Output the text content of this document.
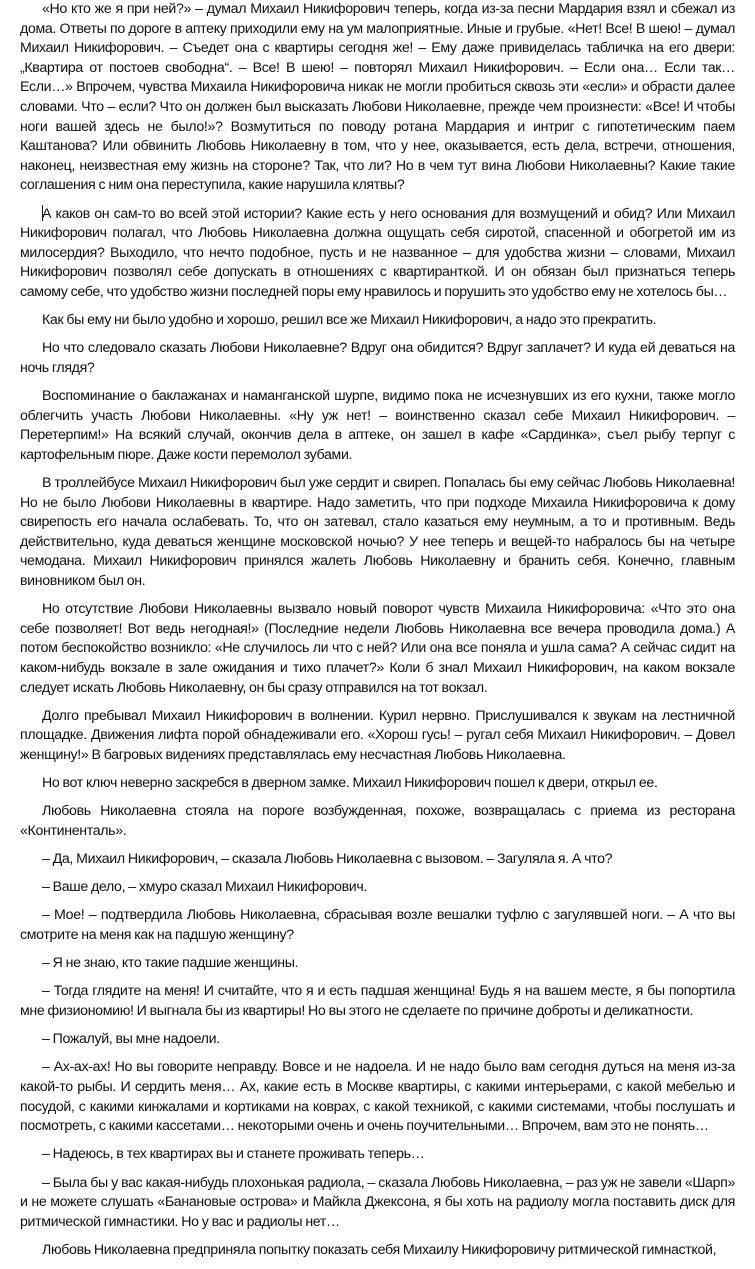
«Но кто же я при ней?» – думал Михаил Никифорович теперь, когда из-за песни Мардария взял и сбежал из дома. Ответы по дороге в аптеку приходили ему на ум малоприятные. Иные и грубые. «Нет! Все! В шею! – думал Михаил Никифорович. – Съедет она с квартиры сегодня же! – Ему даже привиделась табличка на его двери: „Квартира от постоев свободна“. – Все! В шею! – повторял Михаил Никифорович. – Если она… Если так… Если…» Впрочем, чувства Михаила Никифоровича никак не могли пробиться сквозь эти «если» и обрасти далее словами. Что – если? Что он должен был высказать Любови Николаевне, прежде чем произнести: «Все! И чтобы ноги вашей здесь не было!»? Возмутиться по поводу ротана Мардария и интриг с гипотетическим паем Каштанова? Или обвинить Любовь Николаевну в том, что у нее, оказывается, есть дела, встречи, отношения, наконец, неизвестная ему жизнь на стороне? Так, что ли? Но в чем тут вина Любови Николаевны? Какие такие соглашения с ним она переступила, какие нарушила клятвы?

А каков он сам-то во всей этой истории? Какие есть у него основания для возмущений и обид? Или Михаил Никифорович полагал, что Любовь Николаевна должна ощущать себя сиротой, спасенной и обогретой им из милосердия? Выходило, что нечто подобное, пусть и не названное – для удобства жизни – словами, Михаил Никифорович позволял себе допускать в отношениях с квартиранткой. И он обязан был признаться теперь самому себе, что удобство жизни последней поры ему нравилось и порушить это удобство ему не хотелось бы…

Как бы ему ни было удобно и хорошо, решил все же Михаил Никифорович, а надо это прекратить.

Но что следовало сказать Любови Николаевне? Вдруг она обидится? Вдруг заплачет? И куда ей деваться на ночь глядя?

Воспоминание о баклажанах и наманганской шурпе, видимо пока не исчезнувших из его кухни, также могло облегчить участь Любови Николаевны. «Ну уж нет! – воинственно сказал себе Михаил Никифорович. – Перетерпим!» На всякий случай, окончив дела в аптеке, он зашел в кафе «Сардинка», съел рыбу терпуг с картофельным пюре. Даже кости перемолол зубами.

В троллейбусе Михаил Никифорович был уже сердит и свиреп. Попалась бы ему сейчас Любовь Николаевна! Но не было Любови Николаевны в квартире. Надо заметить, что при подходе Михаила Никифоровича к дому свирепость его начала ослабевать. То, что он затевал, стало казаться ему неумным, а то и противным. Ведь действительно, куда деваться женщине московской ночью? У нее теперь и вещей-то набралось бы на четыре чемодана. Михаил Никифорович принялся жалеть Любовь Николаевну и бранить себя. Конечно, главным виновником был он.

Но отсутствие Любови Николаевны вызвало новый поворот чувств Михаила Никифоровича: «Что это она себе позволяет! Вот ведь негодная!» (Последние недели Любовь Николаевна все вечера проводила дома.) А потом беспокойство возникло: «Не случилось ли что с ней? Или она все поняла и ушла сама? А сейчас сидит на каком-нибудь вокзале в зале ожидания и тихо плачет?» Коли б знал Михаил Никифорович, на каком вокзале следует искать Любовь Николаевну, он бы сразу отправился на тот вокзал.

Долго пребывал Михаил Никифорович в волнении. Курил нервно. Прислушивался к звукам на лестничной площадке. Движения лифта порой обнадеживали его. «Хорош гусь! – ругал себя Михаил Никифорович. – Довел женщину!» В багровых видениях представлялась ему несчастная Любовь Николаевна.

Но вот ключ неверно заскребся в дверном замке. Михаил Никифорович пошел к двери, открыл ее.

Любовь Николаевна стояла на пороге возбужденная, похоже, возвращалась с приема из ресторана «Континенталь».

– Да, Михаил Никифорович, – сказала Любовь Николаевна с вызовом. – Загуляла я. А что?

– Ваше дело, – хмуро сказал Михаил Никифорович.

– Мое! – подтвердила Любовь Николаевна, сбрасывая возле вешалки туфлю с загулявшей ноги. – А что вы смотрите на меня как на падшую женщину?

– Я не знаю, кто такие падшие женщины.

– Тогда глядите на меня! И считайте, что я и есть падшая женщина! Будь я на вашем месте, я бы попортила мне физиономию! И выгнала бы из квартиры! Но вы этого не сделаете по причине доброты и деликатности.

– Пожалуй, вы мне надоели.

– Ах-ах-ах! Но вы говорите неправду. Вовсе и не надоела. И не надо было вам сегодня дуться на меня из-за какой-то рыбы. И сердить меня… Ах, какие есть в Москве квартиры, с какими интерьерами, с какой мебелью и посудой, с какими кинжалами и кортиками на коврах, с какой техникой, с какими системами, чтобы послушать и посмотреть, с какими кассетами… некоторыми очень и очень поучительными… Впрочем, вам это не понять…

– Надеюсь, в тех квартирах вы и станете проживать теперь…

– Была бы у вас какая-нибудь плохонькая радиола, – сказала Любовь Николаевна, – раз уж не завели «Шарп» и не можете слушать «Банановые острова» и Майкла Джексона, я бы хоть на радиолу могла поставить диск для ритмической гимнастики. Но у вас и радиолы нет…

Любовь Николаевна предприняла попытку показать себя Михаилу Никифоровичу ритмической гимнасткой,
